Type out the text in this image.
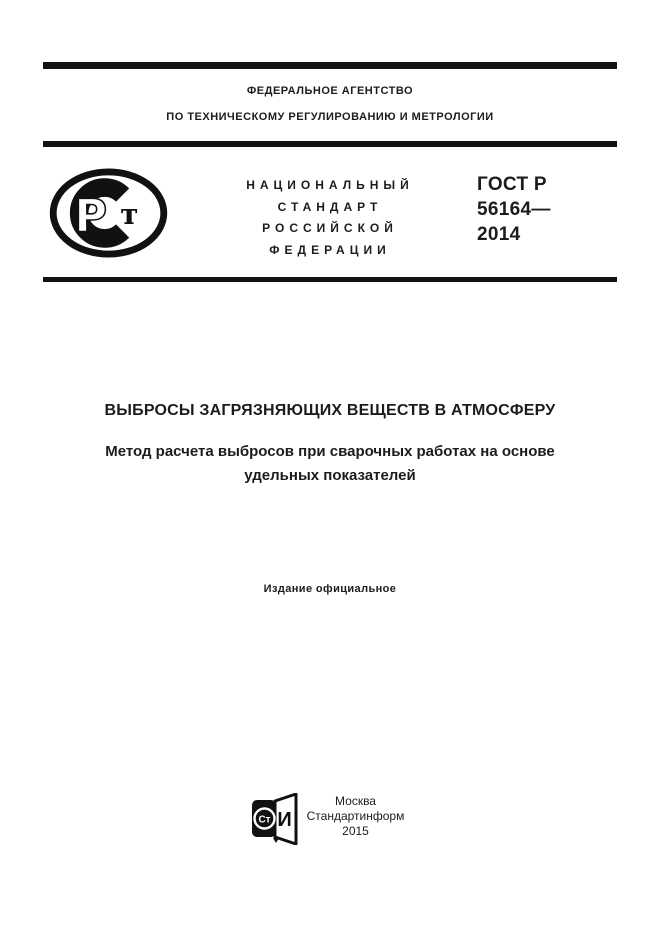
ФЕДЕРАЛЬНОЕ АГЕНТСТВО
ПО ТЕХНИЧЕСКОМУ РЕГУЛИРОВАНИЮ И МЕТРОЛОГИИ
Р т
НАЦИОНАЛЬНЫЙ
СТАНДАРТ
РОССИЙСКОЙ
ФЕДЕРАЦИИ
ГОСТ Р
56164—
2014
ВЫБРОСЫ ЗАГРЯЗНЯЮЩИХ ВЕЩЕСТВ В АТМОСФЕРУ
Метод расчета выбросов при сварочных работах на основе
удельных показателей
Издание официальное
Ст И
Москва
Стандартинформ
2015
